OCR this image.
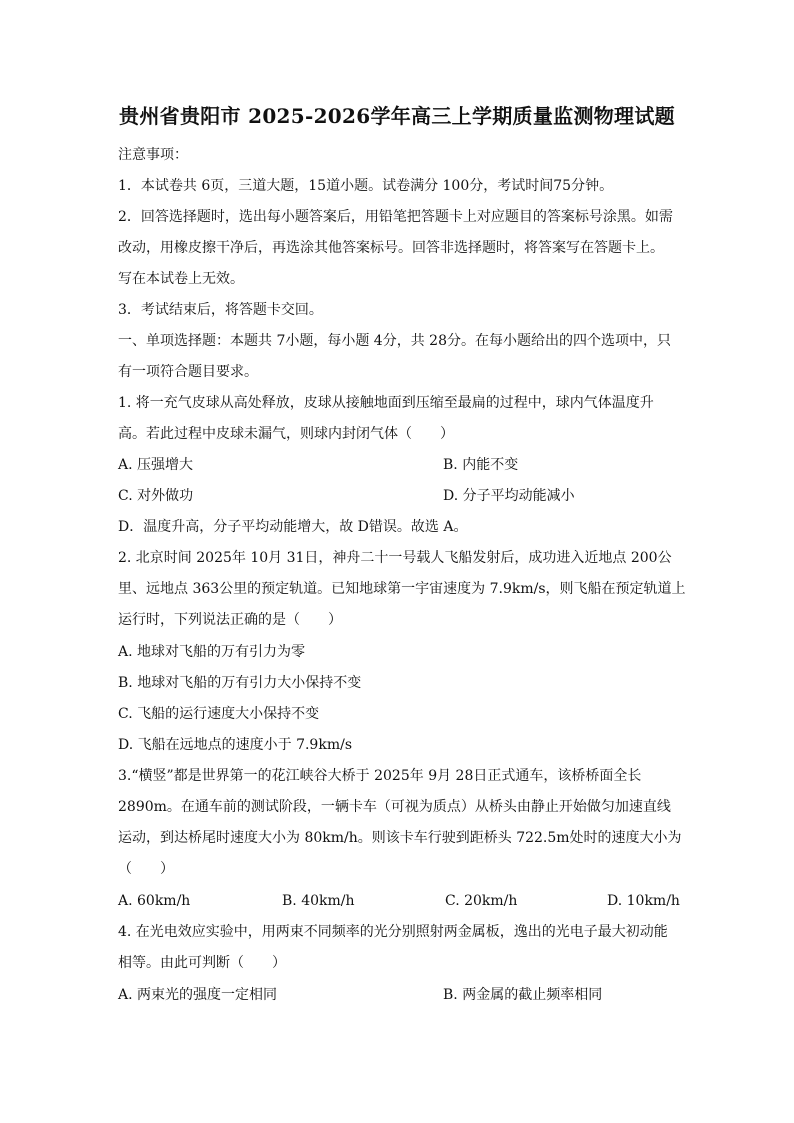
贵州省贵阳市 2025-2026学年高三上学期质量监测物理试题
注意事项：
1．本试卷共 6页，三道大题，15道小题。试卷满分 100分，考试时间75分钟。
2．回答选择题时，选出每小题答案后，用铅笔把答题卡上对应题目的答案标号涂黑。如需
改动，用橡皮擦干净后，再选涂其他答案标号。回答非选择题时，将答案写在答题卡上。
写在本试卷上无效。
3．考试结束后，将答题卡交回。
一、单项选择题：本题共 7小题，每小题 4分，共 28分。在每小题给出的四个选项中，只
有一项符合题目要求。
1. 将一充气皮球从高处释放，皮球从接触地面到压缩至最扁的过程中，球内气体温度升
高。若此过程中皮球未漏气，则球内封闭气体（　　）
A. 压强增大	B. 内能不变
C. 对外做功	D. 分子平均动能减小
D．温度升高，分子平均动能增大，故 D错误。故选 A。
2. 北京时间 2025年 10月 31日，神舟二十一号载人飞船发射后，成功进入近地点 200公
里、远地点 363公里的预定轨道。已知地球第一宇宙速度为 7.9km/s，则飞船在预定轨道上
运行时，下列说法正确的是（　　）
A. 地球对飞船的万有引力为零
B. 地球对飞船的万有引力大小保持不变
C. 飞船的运行速度大小保持不变
D. 飞船在远地点的速度小于 7.9km/s
3.“横竖”都是世界第一的花江峡谷大桥于 2025年 9月 28日正式通车，该桥桥面全长
2890m。在通车前的测试阶段，一辆卡车（可视为质点）从桥头由静止开始做匀加速直线
运动，到达桥尾时速度大小为 80km/h。则该卡车行驶到距桥头 722.5m处时的速度大小为
（　　）
A. 60km/h	B. 40km/h	C. 20km/h	D. 10km/h
4. 在光电效应实验中，用两束不同频率的光分别照射两金属板，逸出的光电子最大初动能
相等。由此可判断（　　）
A. 两束光的强度一定相同	B. 两金属的截止频率相同
